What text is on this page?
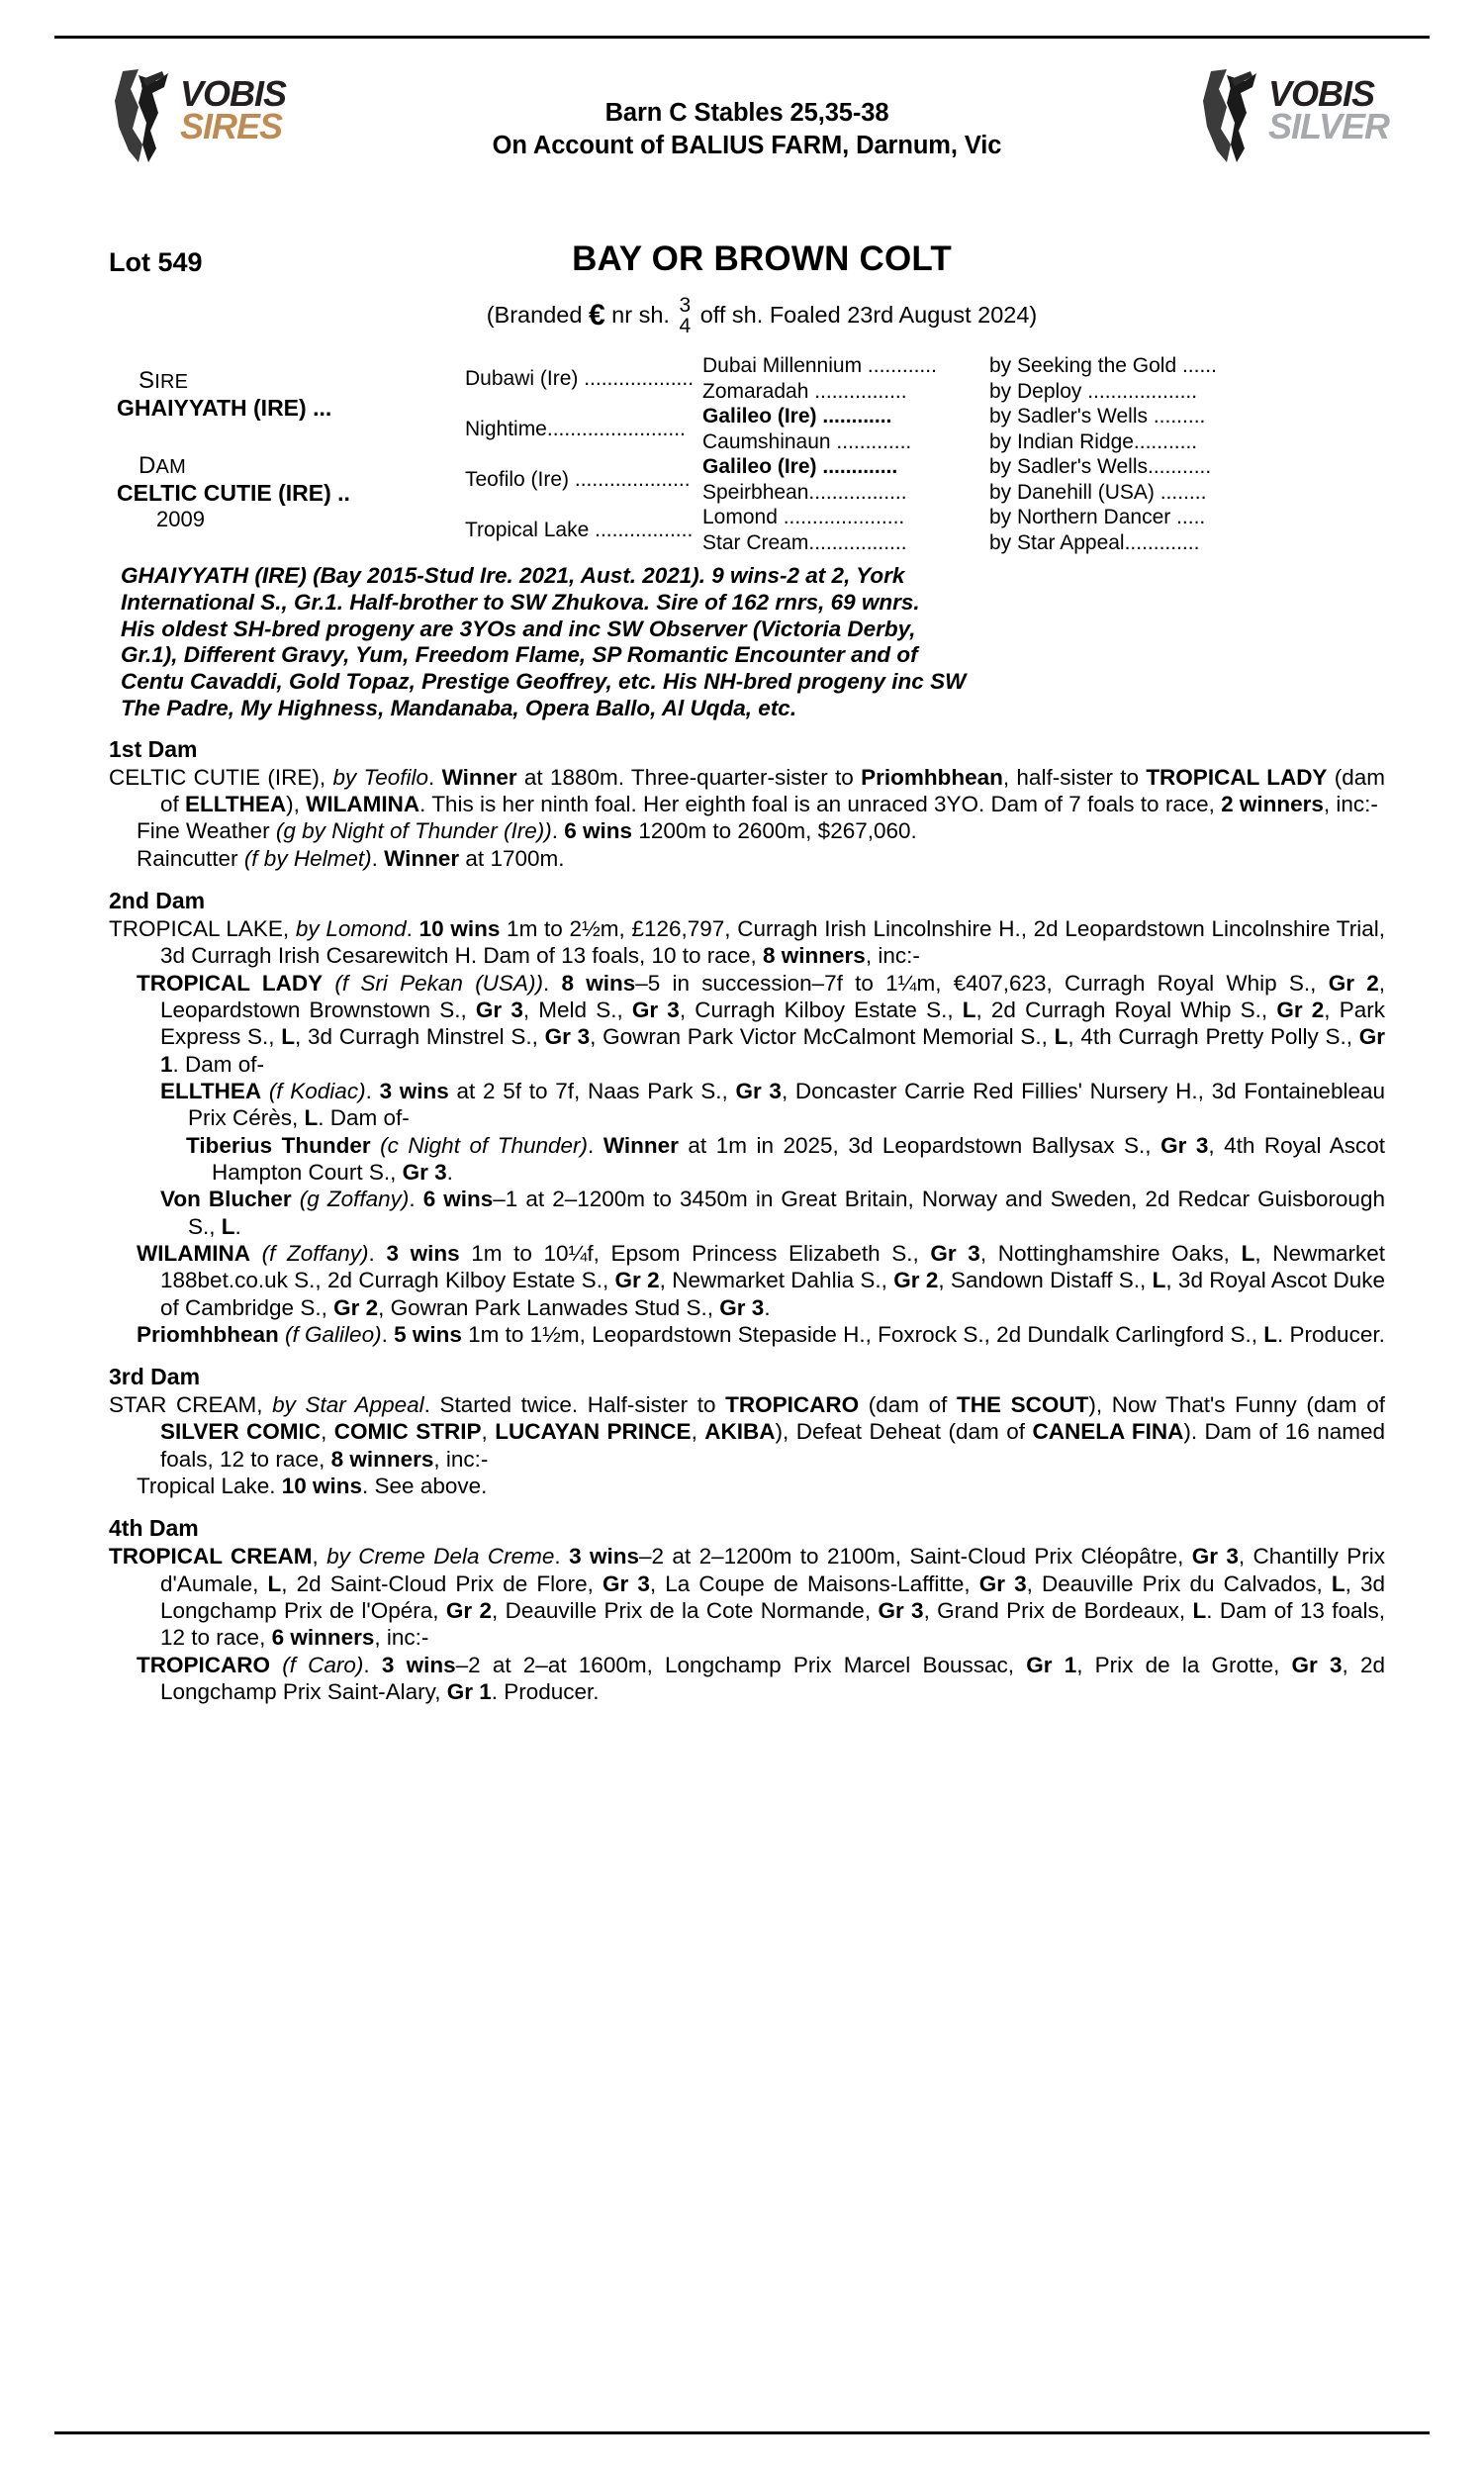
VOBIS
SIRES
VOBIS
SILVER
Barn C Stables 25,35-38
On Account of BALIUS FARM, Darnum, Vic
Lot 549	BAY OR BROWN COLT
(Branded € nr sh. 3
4 off sh. Foaled 23rd August 2024)
SIRE
GHAIYYATH (IRE) ...
DAM
CELTIC CUTIE (IRE) ..
2009
Dubawi (Ire) ...................
Nightime........................
Teofilo (Ire) ....................
Tropical Lake .................
Dubai Millennium ............
Zomaradah ................
Galileo (Ire) ............
Caumshinaun .............
Galileo (Ire) .............
Speirbhean.................
Lomond .....................
Star Cream.................
by Seeking the Gold ......
by Deploy ...................
by Sadler's Wells .........
by Indian Ridge...........
by Sadler's Wells...........
by Danehill (USA) ........
by Northern Dancer .....
by Star Appeal.............
GHAIYYATH (IRE) (Bay 2015-Stud Ire. 2021, Aust. 2021). 9 wins-2 at 2, York
International S., Gr.1. Half-brother to SW Zhukova. Sire of 162 rnrs, 69 wnrs.
His oldest SH-bred progeny are 3YOs and inc SW Observer (Victoria Derby,
Gr.1), Different Gravy, Yum, Freedom Flame, SP Romantic Encounter and of
Centu Cavaddi, Gold Topaz, Prestige Geoffrey, etc. His NH-bred progeny inc SW
The Padre, My Highness, Mandanaba, Opera Ballo, Al Uqda, etc.
1st Dam

CELTIC CUTIE (IRE), by Teofilo. Winner at 1880m. Three-quarter-sister to Priomhbhean, half-sister to TROPICAL LADY (dam of ELLTHEA), WILAMINA. This is her ninth foal. Her eighth foal is an unraced 3YO. Dam of 7 foals to race, 2 winners, inc:-

Fine Weather (g by Night of Thunder (Ire)). 6 wins 1200m to 2600m, $267,060.

Raincutter (f by Helmet). Winner at 1700m.

2nd Dam

TROPICAL LAKE, by Lomond. 10 wins 1m to 2½m, £126,797, Curragh Irish Lincolnshire H., 2d Leopardstown Lincolnshire Trial, 3d Curragh Irish Cesarewitch H. Dam of 13 foals, 10 to race, 8 winners, inc:-

TROPICAL LADY (f Sri Pekan (USA)). 8 wins–5 in succession–7f to 1¼m, €407,623, Curragh Royal Whip S., Gr 2, Leopardstown Brownstown S., Gr 3, Meld S., Gr 3, Curragh Kilboy Estate S., L, 2d Curragh Royal Whip S., Gr 2, Park Express S., L, 3d Curragh Minstrel S., Gr 3, Gowran Park Victor McCalmont Memorial S., L, 4th Curragh Pretty Polly S., Gr 1. Dam of-

ELLTHEA (f Kodiac). 3 wins at 2 5f to 7f, Naas Park S., Gr 3, Doncaster Carrie Red Fillies' Nursery H., 3d Fontainebleau Prix Cérès, L. Dam of-

Tiberius Thunder (c Night of Thunder). Winner at 1m in 2025, 3d Leopardstown Ballysax S., Gr 3, 4th Royal Ascot Hampton Court S., Gr 3.

Von Blucher (g Zoffany). 6 wins–1 at 2–1200m to 3450m in Great Britain, Norway and Sweden, 2d Redcar Guisborough S., L.

WILAMINA (f Zoffany). 3 wins 1m to 10¼f, Epsom Princess Elizabeth S., Gr 3, Nottinghamshire Oaks, L, Newmarket 188bet.co.uk S., 2d Curragh Kilboy Estate S., Gr 2, Newmarket Dahlia S., Gr 2, Sandown Distaff S., L, 3d Royal Ascot Duke of Cambridge S., Gr 2, Gowran Park Lanwades Stud S., Gr 3.

Priomhbhean (f Galileo). 5 wins 1m to 1½m, Leopardstown Stepaside H., Foxrock S., 2d Dundalk Carlingford S., L. Producer.

3rd Dam

STAR CREAM, by Star Appeal. Started twice. Half-sister to TROPICARO (dam of THE SCOUT), Now That's Funny (dam of SILVER COMIC, COMIC STRIP, LUCAYAN PRINCE, AKIBA), Defeat Deheat (dam of CANELA FINA). Dam of 16 named foals, 12 to race, 8 winners, inc:-

Tropical Lake. 10 wins. See above.

4th Dam

TROPICAL CREAM, by Creme Dela Creme. 3 wins–2 at 2–1200m to 2100m, Saint-Cloud Prix Cléopâtre, Gr 3, Chantilly Prix d'Aumale, L, 2d Saint-Cloud Prix de Flore, Gr 3, La Coupe de Maisons-Laffitte, Gr 3, Deauville Prix du Calvados, L, 3d Longchamp Prix de l'Opéra, Gr 2, Deauville Prix de la Cote Normande, Gr 3, Grand Prix de Bordeaux, L. Dam of 13 foals, 12 to race, 6 winners, inc:-

TROPICARO (f Caro). 3 wins–2 at 2–at 1600m, Longchamp Prix Marcel Boussac, Gr 1, Prix de la Grotte, Gr 3, 2d Longchamp Prix Saint-Alary, Gr 1. Producer.
